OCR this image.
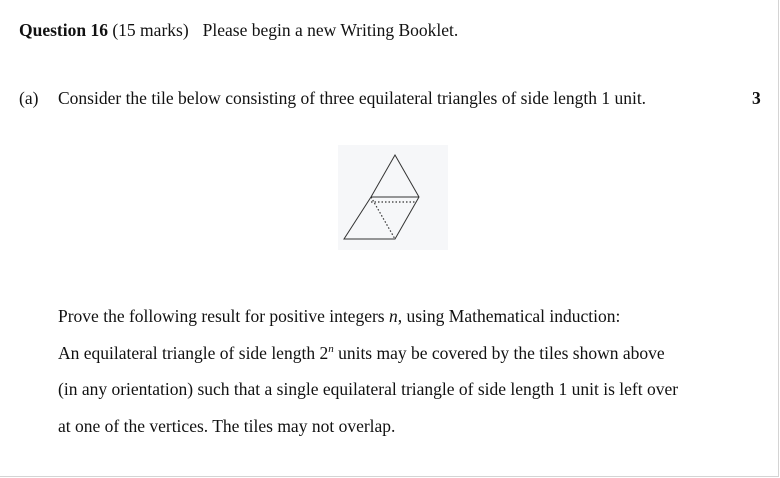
Question 16 (15 marks) Please begin a new Writing Booklet.
(a) Consider the tile below consisting of three equilateral triangles of side length 1 unit.	3
Prove the following result for positive integers n, using Mathematical induction:
An equilateral triangle of side length 2$^n$ units may be covered by the tiles shown above
(in any orientation) such that a single equilateral triangle of side length 1 unit is left over
at one of the vertices. The tiles may not overlap.
